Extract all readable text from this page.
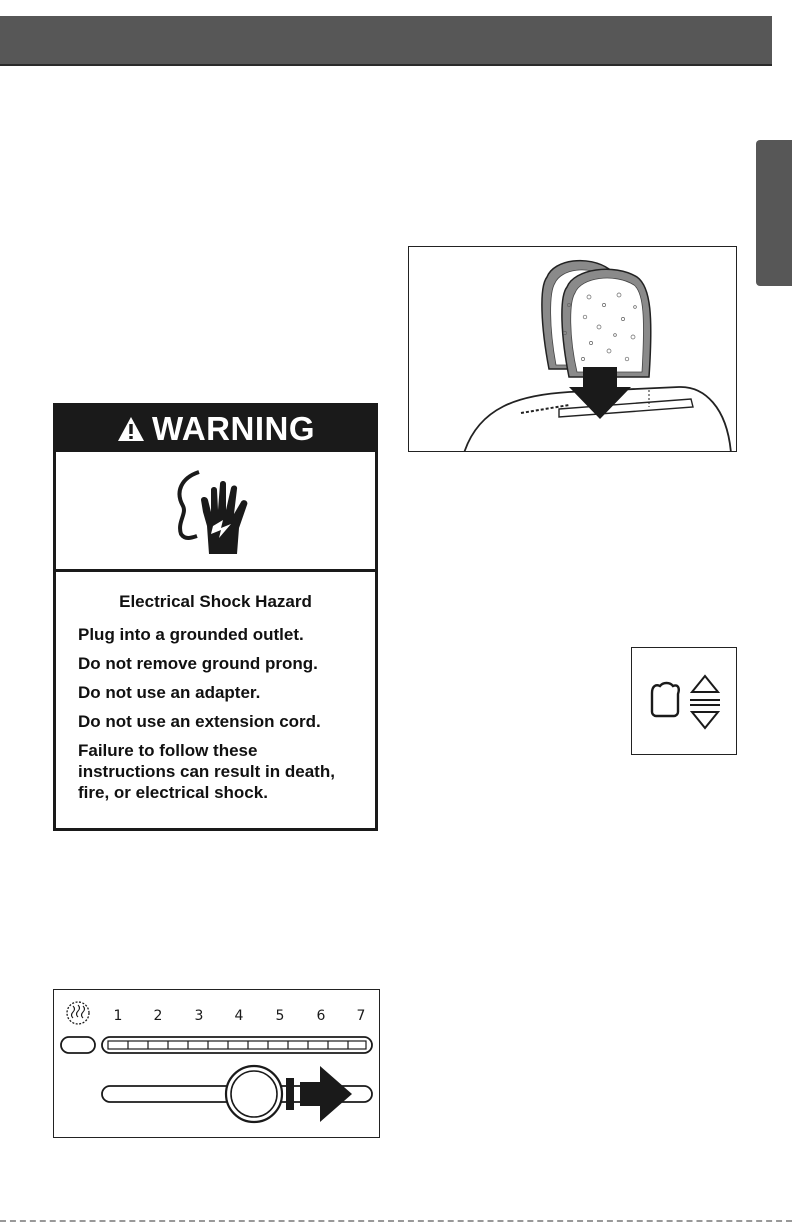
WARNING
Electrical Shock Hazard
Plug into a grounded outlet.
Do not remove ground prong.
Do not use an adapter.
Do not use an extension cord.
Failure to follow these
instructions can result in death,
fire, or electrical shock.
1 2 3 4 5 6 7
